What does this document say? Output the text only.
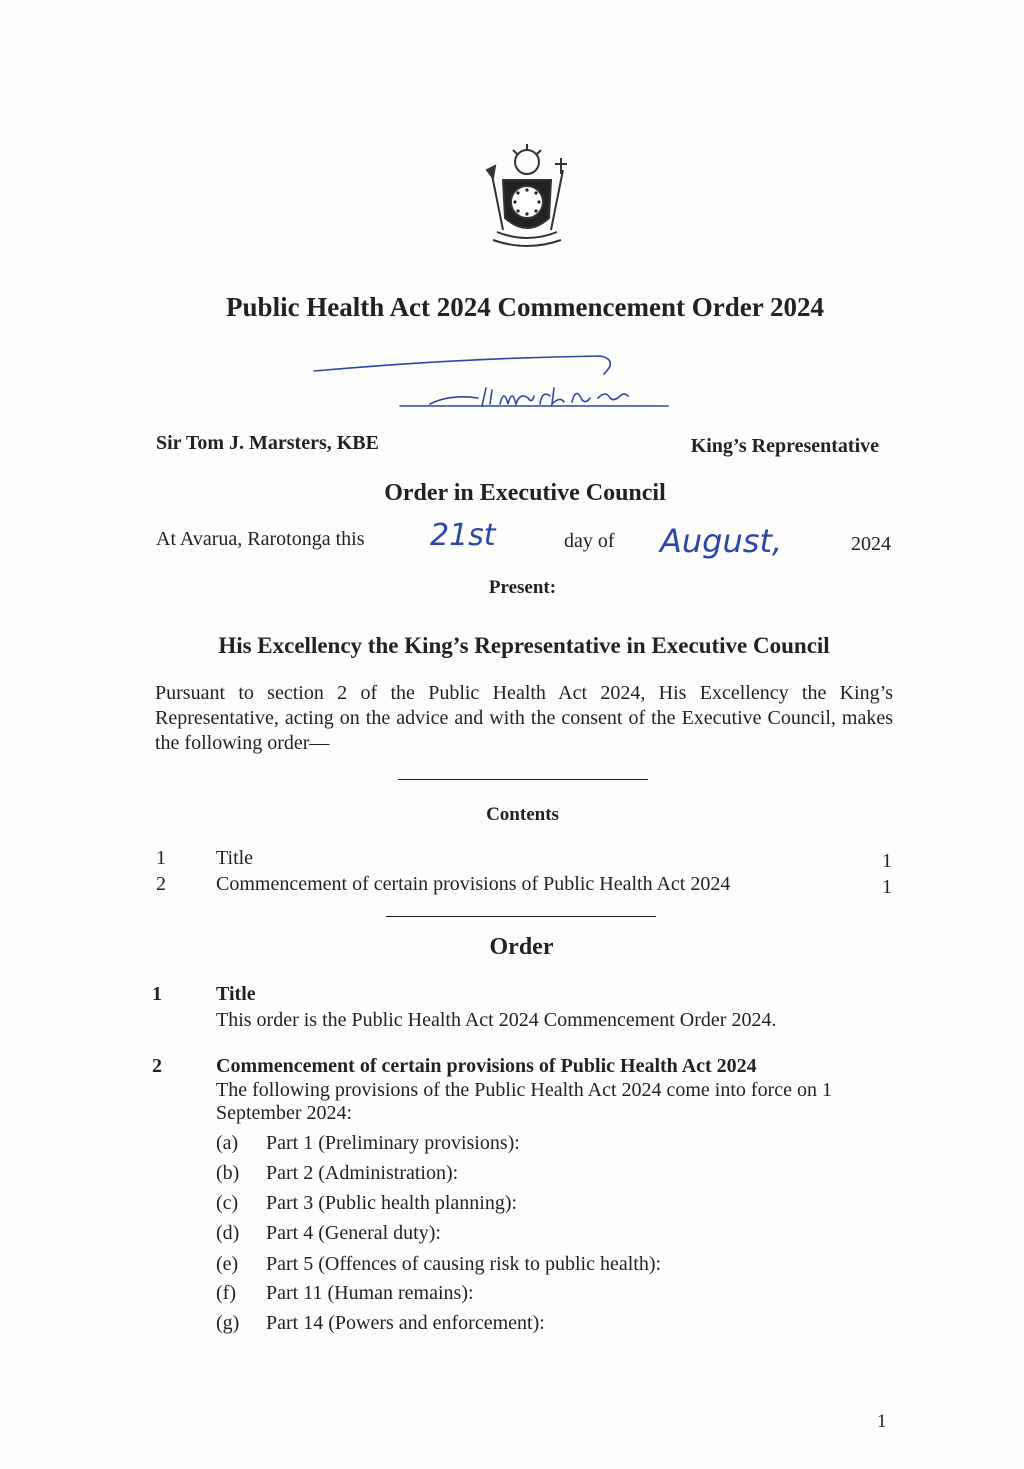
Public Health Act 2024 Commencement Order 2024
Sir Tom J. Marsters, KBE	King’s Representative
Order in Executive Council
At Avarua, Rarotonga this 21st	day of August,	2024
Present:
His Excellency the King’s Representative in Executive Council
Pursuant to section 2 of the Public Health Act 2024, His Excellency the King’s Representative, acting on the advice and with the consent of the Executive Council, makes the following order—
Contents
1	Title	1
2	Commencement of certain provisions of Public Health Act 2024	1
Order
1	Title
This order is the Public Health Act 2024 Commencement Order 2024.
2	Commencement of certain provisions of Public Health Act 2024
The following provisions of the Public Health Act 2024 come into force on 1
September 2024:
(a) Part 1 (Preliminary provisions):
(b) Part 2 (Administration):
(c) Part 3 (Public health planning):
(d) Part 4 (General duty):
(e) Part 5 (Offences of causing risk to public health):
(f) Part 11 (Human remains):
(g) Part 14 (Powers and enforcement):
1
